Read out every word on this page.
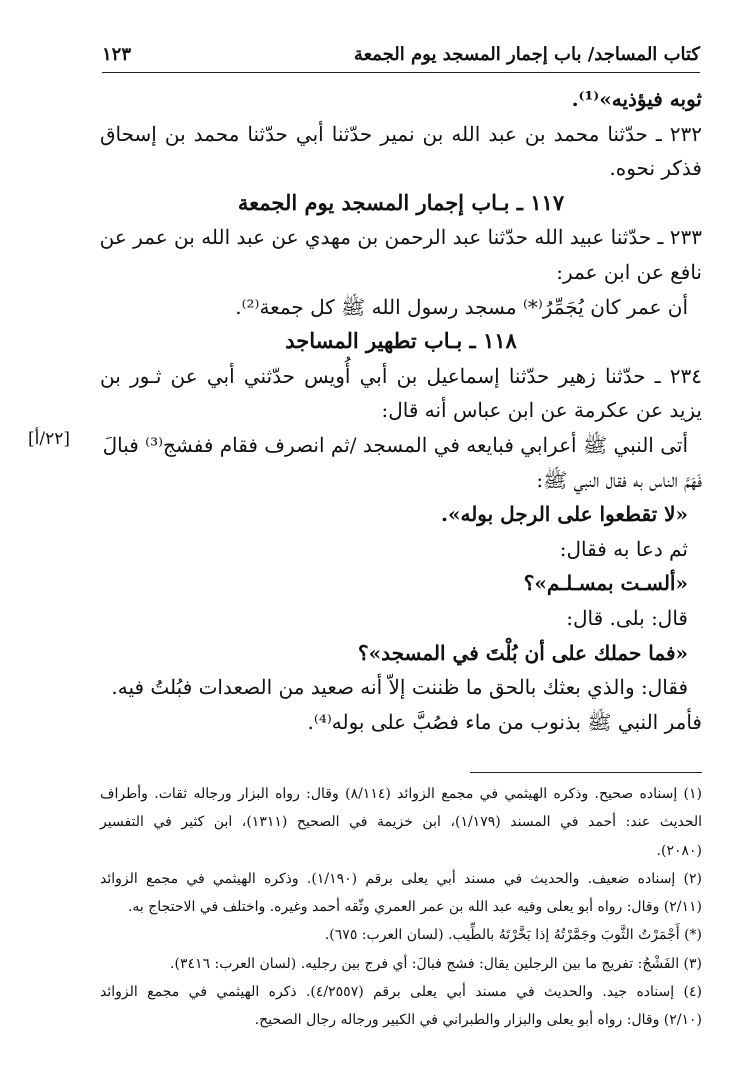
كتاب المساجد/ باب إجمار المسجد يوم الجمعة
١٢٣
ثوبه فيؤذيه»⁽¹⁾.
٢٣٢ ـ حدّثنا محمد بن عبد الله بن نمير حدّثنا أبي حدّثنا محمد بن إسحاق
فذكر نحوه.
١١٧ ـ بـاب إجمار المسجد يوم الجمعة
٢٣٣ ـ حدّثنا عبيد الله حدّثنا عبد الرحمن بن مهدي عن عبد الله بن عمر عن
نافع عن ابن عمر:
أن عمر كان يُجَمِّرُ⁽*⁾ مسجد رسول الله ﷺ كل جمعة⁽²⁾.
١١٨ ـ بـاب تطهير المساجد
٢٣٤ ـ حدّثنا زهير حدّثنا إسماعيل بن أبي أُويس حدّثني أبي عن ثـور بن
يزيد عن عكرمة عن ابن عباس أنه قال:
أتى النبي ﷺ أعرابي فبايعه في المسجد /ثم انصرف فقام ففشج⁽³⁾ فبالَ
فَهَمَّ الناس به فقال النبي ﷺ:
«لا تقطعوا على الرجل بوله».
ثم دعا به فقال:
«ألسـت بمسـلـم»؟
قال: بلى. قال:
«فما حملك على أن بُلْتَ في المسجد»؟
فقال: والذي بعثك بالحق ما ظننت إلاّ أنه صعيد من الصعدات فبُلتُ فيه.
فأمر النبي ﷺ بذنوب من ماء فصُبَّ على بوله⁽⁴⁾.
[٢٢/أ]
(١) إسناده صحيح. وذكره الهيثمي في مجمع الزوائد (٨/١١٤) وقال: رواه البزار ورجاله ثقات. وأطراف
الحديث عند: أحمد في المسند (١/١٧٩)، ابن خزيمة في الصحيح (١٣١١)، ابن كثير في التفسير
(٢٠٨٠).
(٢) إسناده ضعيف. والحديث في مسند أبي يعلى برقم (١/١٩٠). وذكره الهيثمي في مجمع الزوائد
(٢/١١) وقال: رواه أبو يعلى وفيه عبد الله بن عمر العمري وثّقه أحمد وغيره. واختلف في الاحتجاج به.
(*) أَجْمَرْتُ الثَّوبَ وجَمَّرْتُهُ إذا بَخَّرْتَهُ بالطِّيب. (لسان العرب: ٦٧٥).
(٣) الفَشْجُ: تفريج ما بين الرجلين يقال: فشج فبالَ: أي فرج بين رجليه. (لسان العرب: ٣٤١٦).
(٤) إسناده جيد. والحديث في مسند أبي يعلى برقم (٤/٢٥٥٧). ذكره الهيثمي في مجمع الزوائد
(٢/١٠) وقال: رواه أبو يعلى والبزار والطبراني في الكبير ورجاله رجال الصحيح.
